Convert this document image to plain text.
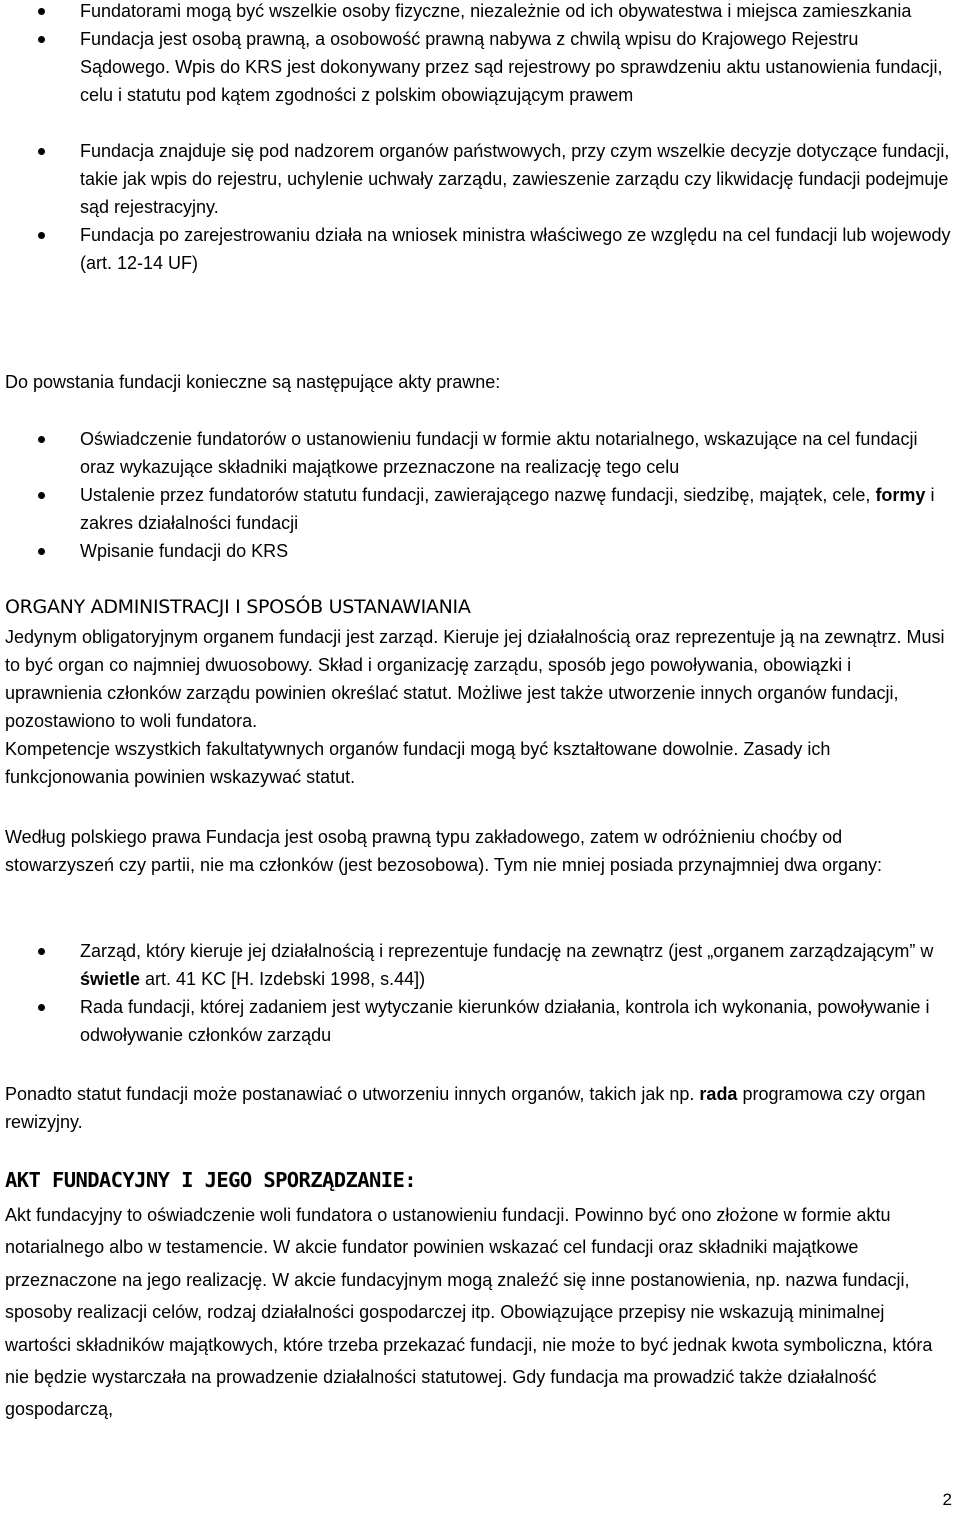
Fundatorami mogą być wszelkie osoby fizyczne, niezależnie od ich obywatestwa i miejsca zamieszkania
Fundacja jest osobą prawną, a osobowość prawną nabywa z chwilą wpisu do Krajowego Rejestru Sądowego. Wpis do KRS jest dokonywany przez sąd rejestrowy po sprawdzeniu aktu ustanowienia fundacji, celu i statutu pod kątem zgodności z polskim obowiązującym prawem
Fundacja znajduje się pod nadzorem organów państwowych, przy czym wszelkie decyzje dotyczące fundacji, takie jak wpis do rejestru, uchylenie uchwały zarządu, zawieszenie zarządu czy likwidację fundacji podejmuje sąd rejestracyjny.
Fundacja po zarejestrowaniu działa na wniosek ministra właściwego ze względu na cel fundacji lub wojewody (art. 12-14 UF)

Do powstania fundacji konieczne są następujące akty prawne:

Oświadczenie fundatorów o ustanowieniu fundacji w formie aktu notarialnego, wskazujące na cel fundacji oraz wykazujące składniki majątkowe przeznaczone na realizację tego celu
Ustalenie przez fundatorów statutu fundacji, zawierającego nazwę fundacji, siedzibę, majątek, cele, formy i zakres działalności fundacji
Wpisanie fundacji do KRS
ORGANY ADMINISTRACJI I SPOSÓB USTANAWIANIA

Jedynym obligatoryjnym organem fundacji jest zarząd. Kieruje jej działalnością oraz reprezentuje ją na zewnątrz. Musi to być organ co najmniej dwuosobowy. Skład i organizację zarządu, sposób jego powoływania, obowiązki i uprawnienia członków zarządu powinien określać statut. Możliwe jest także utworzenie innych organów fundacji, pozostawiono to woli fundatora.

Kompetencje wszystkich fakultatywnych organów fundacji mogą być kształtowane dowolnie. Zasady ich funkcjonowania powinien wskazywać statut.

Według polskiego prawa Fundacja jest osobą prawną typu zakładowego, zatem w odróżnieniu choćby od stowarzyszeń czy partii, nie ma członków (jest bezosobowa). Tym nie mniej posiada przynajmniej dwa organy:

Zarząd, który kieruje jej działalnością i reprezentuje fundację na zewnątrz (jest „organem zarządzającym” w świetle art. 41 KC [H. Izdebski 1998, s.44])
Rada fundacji, której zadaniem jest wytyczanie kierunków działania, kontrola ich wykonania, powoływanie i odwoływanie członków zarządu

Ponadto statut fundacji może postanawiać o utworzeniu innych organów, takich jak np. rada programowa czy organ rewizyjny.

AKT FUNDACYJNY I JEGO SPORZĄDZANIE:

Akt fundacyjny to oświadczenie woli fundatora o ustanowieniu fundacji. Powinno być ono złożone w formie aktu notarialnego albo w testamencie. W akcie fundator powinien wskazać cel fundacji oraz składniki majątkowe przeznaczone na jego realizację. W akcie fundacyjnym mogą znaleźć się inne postanowienia, np. nazwa fundacji, sposoby realizacji celów, rodzaj działalności gospodarczej itp. Obowiązujące przepisy nie wskazują minimalnej wartości składników majątkowych, które trzeba przekazać fundacji, nie może to być jednak kwota symboliczna, która nie będzie wystarczała na prowadzenie działalności statutowej. Gdy fundacja ma prowadzić także działalność gospodarczą,

2
